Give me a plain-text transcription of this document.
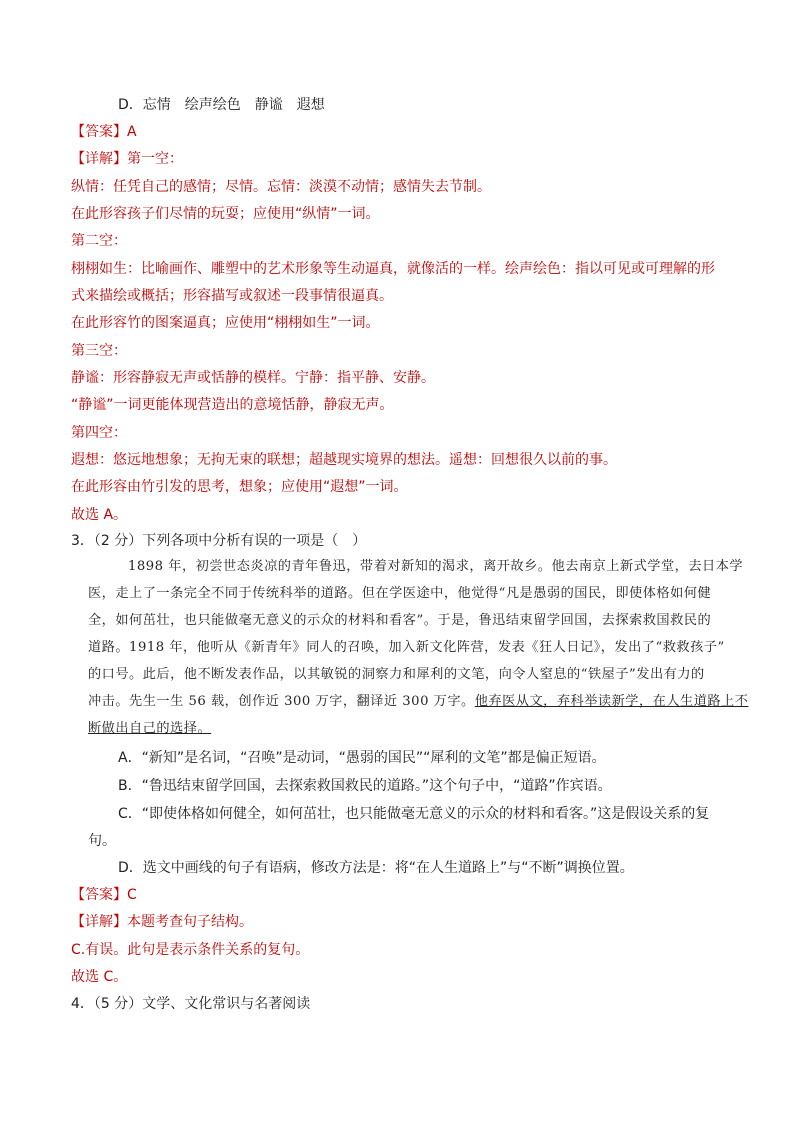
D．忘情　绘声绘色　静谧　遐想
【答案】A
【详解】第一空：
纵情：任凭自己的感情；尽情。忘情：淡漠不动情；感情失去节制。
在此形容孩子们尽情的玩耍；应使用“纵情”一词。
第二空：
栩栩如生：比喻画作、雕塑中的艺术形象等生动逼真，就像活的一样。绘声绘色：指以可见或可理解的形
式来描绘或概括；形容描写或叙述一段事情很逼真。
在此形容竹的图案逼真；应使用“栩栩如生”一词。
第三空：
静谧：形容静寂无声或恬静的模样。宁静：指平静、安静。
“静谧”一词更能体现营造出的意境恬静，静寂无声。
第四空：
遐想：悠远地想象；无拘无束的联想；超越现实境界的想法。遥想：回想很久以前的事。
在此形容由竹引发的思考，想象；应使用“遐想”一词。
故选 A。
3．（2 分）下列各项中分析有误的一项是（　）
1898 年，初尝世态炎凉的青年鲁迅，带着对新知的渴求，离开故乡。他去南京上新式学堂，去日本学
医，走上了一条完全不同于传统科举的道路。但在学医途中，他觉得“凡是愚弱的国民，即使体格如何健
全，如何茁壮，也只能做毫无意义的示众的材料和看客”。于是，鲁迅结束留学回国，去探索救国救民的
道路。1918 年，他听从《新青年》同人的召唤，加入新文化阵营，发表《狂人日记》，发出了“救救孩子”
的口号。此后，他不断发表作品，以其敏锐的洞察力和犀利的文笔，向令人窒息的“铁屋子”发出有力的
冲击。先生一生 56 载，创作近 300 万字，翻译近 300 万字。他弃医从文，弃科举读新学，在人生道路上不
断做出自己的选择。
A．“新知”是名词，“召唤”是动词，“愚弱的国民”“犀利的文笔”都是偏正短语。
B．“鲁迅结束留学回国，去探索救国救民的道路。”这个句子中，“道路”作宾语。
C．“即使体格如何健全，如何茁壮，也只能做毫无意义的示众的材料和看客。”这是假设关系的复
句。
D．选文中画线的句子有语病，修改方法是：将“在人生道路上”与“不断”调换位置。
【答案】C
【详解】本题考查句子结构。
C.有误。此句是表示条件关系的复句。
故选 C。
4．（5 分）文学、文化常识与名著阅读
